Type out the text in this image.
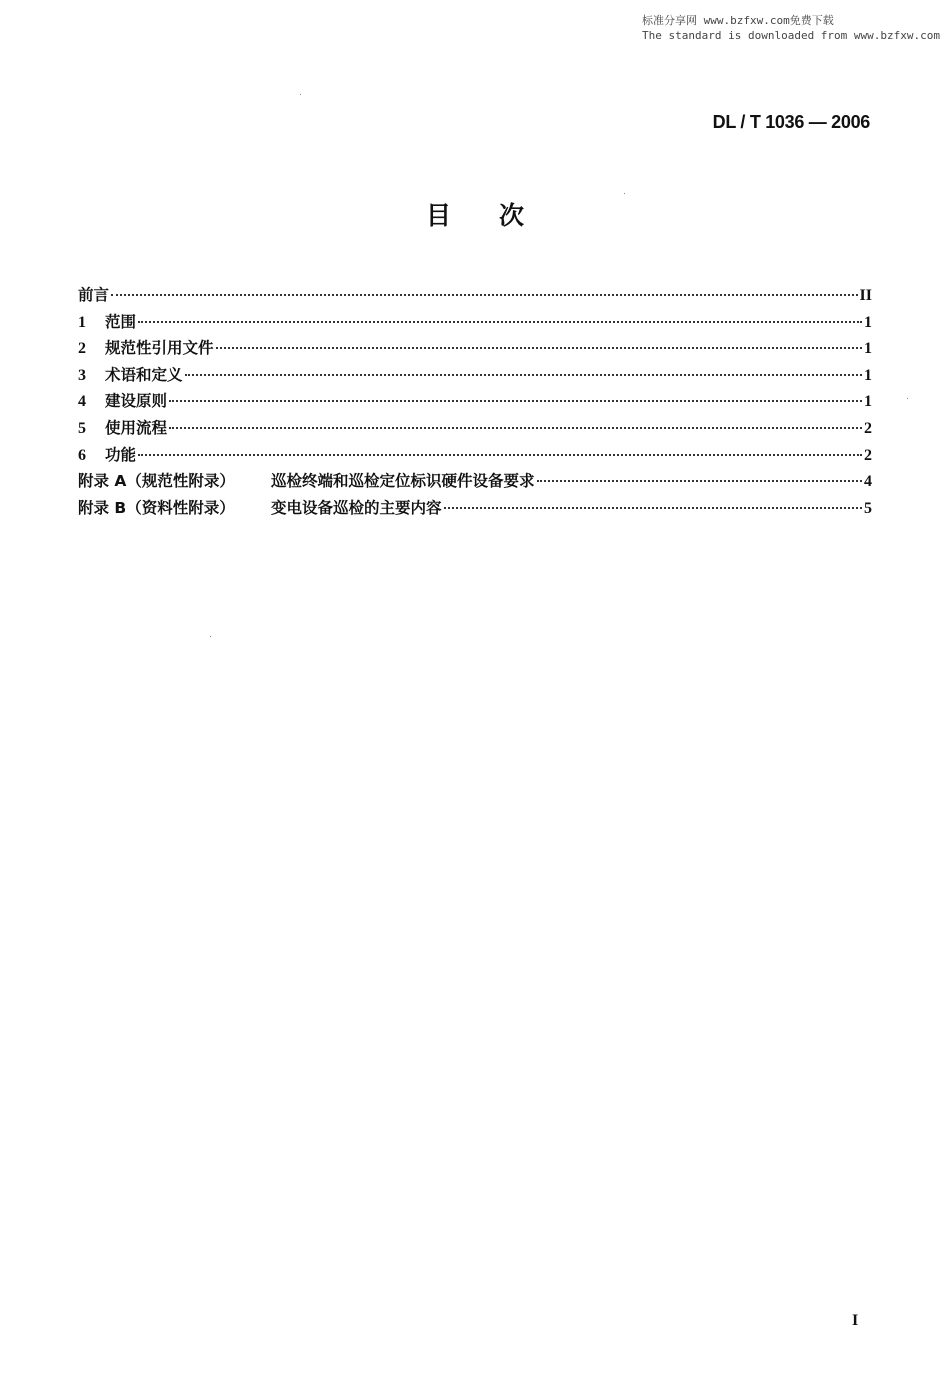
标准分享网 www.bzfxw.com免费下载
The standard is downloaded from www.bzfxw.com
DL / T 1036 — 2006
目次
前言	II
1	范围	1
2	规范性引用文件	1
3	术语和定义	1
4	建设原则	1
5	使用流程	2
6	功能	2
附录 A（规范性附录）	巡检终端和巡检定位标识硬件设备要求	4
附录 B（资料性附录）	变电设备巡检的主要内容	5
I
